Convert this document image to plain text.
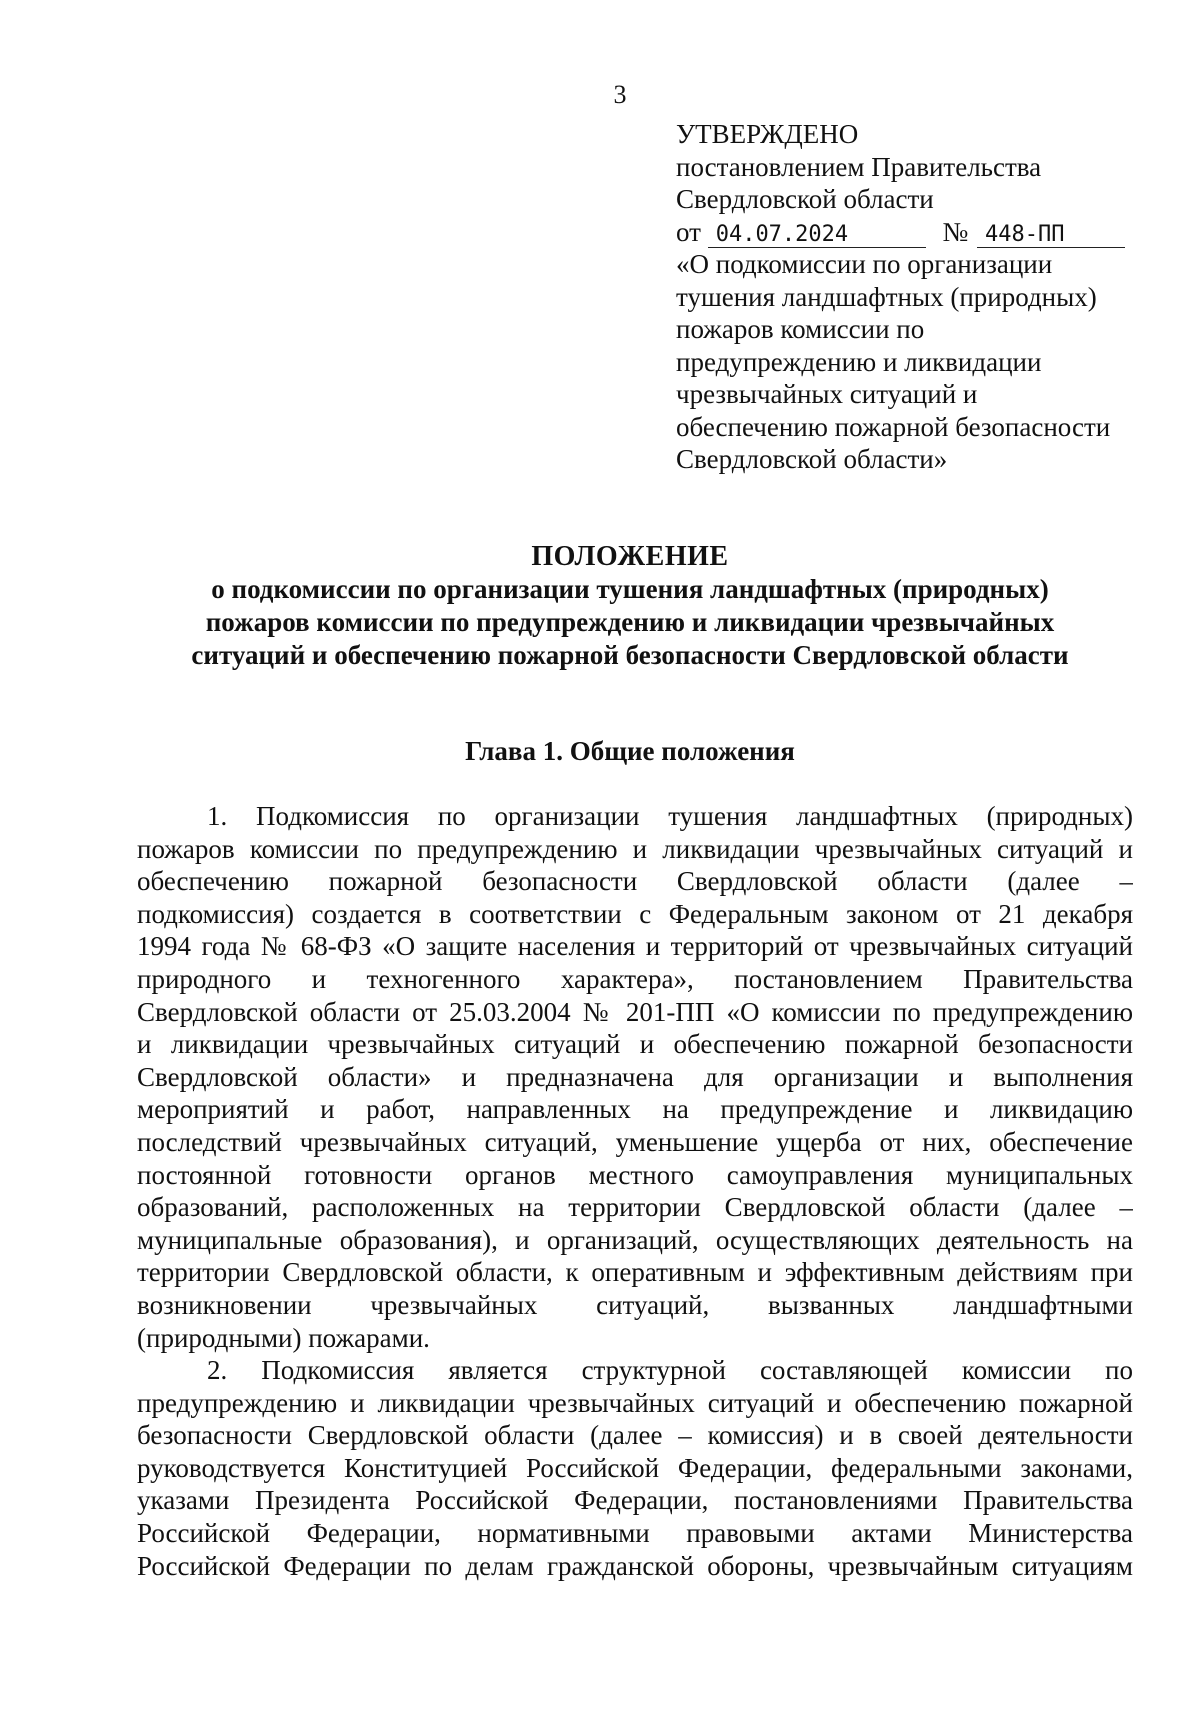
3
УТВЕРЖДЕНО
постановлением Правительства
Свердловской области
от 04.07.2024	№ 448-ПП
«О подкомиссии по организации
тушения ландшафтных (природных)
пожаров комиссии по
предупреждению и ликвидации
чрезвычайных ситуаций и
обеспечению пожарной безопасности
Свердловской области»
ПОЛОЖЕНИЕ
о подкомиссии по организации тушения ландшафтных (природных)
пожаров комиссии по предупреждению и ликвидации чрезвычайных
ситуаций и обеспечению пожарной безопасности Свердловской области
Глава 1. Общие положения
1. Подкомиссия по организации тушения ландшафтных (природных)
пожаров комиссии по предупреждению и ликвидации чрезвычайных ситуаций и
обеспечению пожарной безопасности Свердловской области (далее –
подкомиссия) создается в соответствии с Федеральным законом от 21 декабря
1994 года № 68-ФЗ «О защите населения и территорий от чрезвычайных ситуаций
природного и техногенного характера», постановлением Правительства
Свердловской области от 25.03.2004 № 201-ПП «О комиссии по предупреждению
и ликвидации чрезвычайных ситуаций и обеспечению пожарной безопасности
Свердловской области» и предназначена для организации и выполнения
мероприятий и работ, направленных на предупреждение и ликвидацию
последствий чрезвычайных ситуаций, уменьшение ущерба от них, обеспечение
постоянной готовности органов местного самоуправления муниципальных
образований, расположенных на территории Свердловской области (далее –
муниципальные образования), и организаций, осуществляющих деятельность на
территории Свердловской области, к оперативным и эффективным действиям при
возникновении чрезвычайных ситуаций, вызванных ландшафтными
(природными) пожарами.
2. Подкомиссия является структурной составляющей комиссии по
предупреждению и ликвидации чрезвычайных ситуаций и обеспечению пожарной
безопасности Свердловской области (далее – комиссия) и в своей деятельности
руководствуется Конституцией Российской Федерации, федеральными законами,
указами Президента Российской Федерации, постановлениями Правительства
Российской Федерации, нормативными правовыми актами Министерства
Российской Федерации по делам гражданской обороны, чрезвычайным ситуациям
